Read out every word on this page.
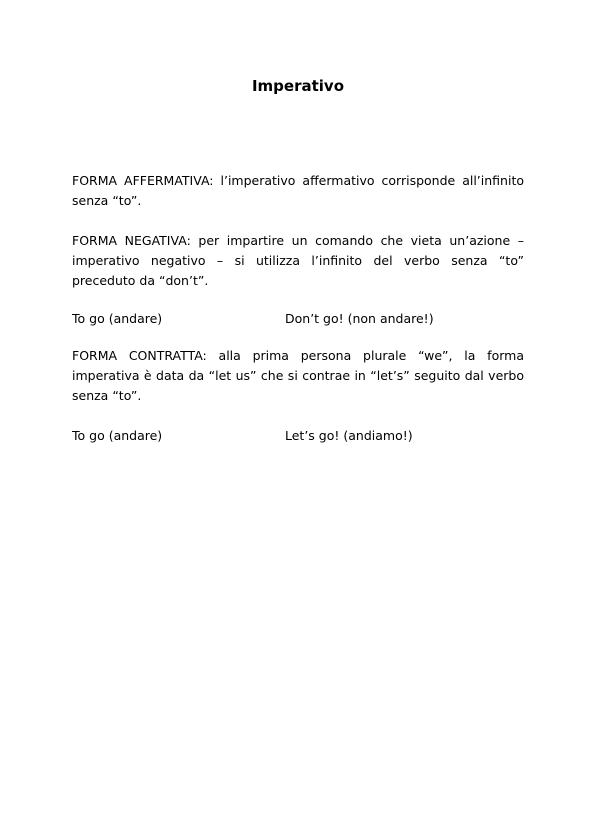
Imperativo
FORMA AFFERMATIVA: l’imperativo affermativo corrisponde all’infinito senza “to”.
FORMA NEGATIVA: per impartire un comando che vieta un’azione – imperativo negativo – si utilizza l’infinito del verbo senza “to” preceduto da “don’t”.
To go (andare)	Don’t go! (non andare!)
FORMA CONTRATTA: alla prima persona plurale “we”, la forma imperativa è data da “let us” che si contrae in “let’s” seguito dal verbo senza “to”.
To go (andare)	Let’s go! (andiamo!)
